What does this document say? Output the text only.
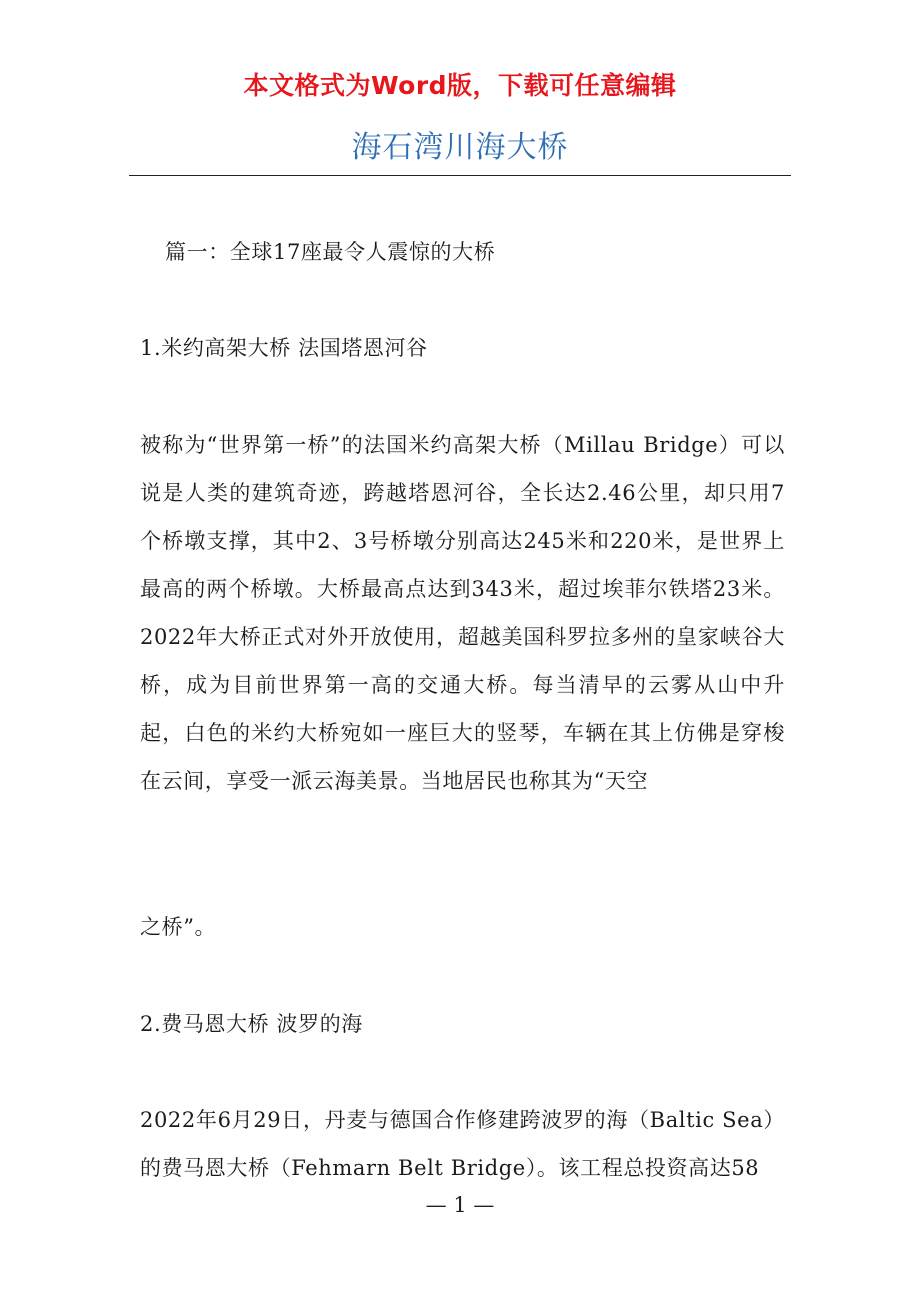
本文格式为Word版，下载可任意编辑
海石湾川海大桥
篇一：全球17座最令人震惊的大桥
1.米约高架大桥 法国塔恩河谷
被称为“世界第一桥”的法国米约高架大桥（Millau Bridge）可以说是人类的建筑奇迹，跨越塔恩河谷，全长达2.46公里，却只用7个桥墩支撑，其中2、3号桥墩分别高达245米和220米，是世界上最高的两个桥墩。大桥最高点达到343米，超过埃菲尔铁塔23米。2022年大桥正式对外开放使用，超越美国科罗拉多州的皇家峡谷大桥，成为目前世界第一高的交通大桥。每当清早的云雾从山中升起，白色的米约大桥宛如一座巨大的竖琴，车辆在其上仿佛是穿梭在云间，享受一派云海美景。当地居民也称其为“天空
之桥”。
2.费马恩大桥 波罗的海
2022年6月29日，丹麦与德国合作修建跨波罗的海（Baltic Sea）的费马恩大桥（Fehmarn Belt Bridge）。该工程总投资高达58
— 1 —
